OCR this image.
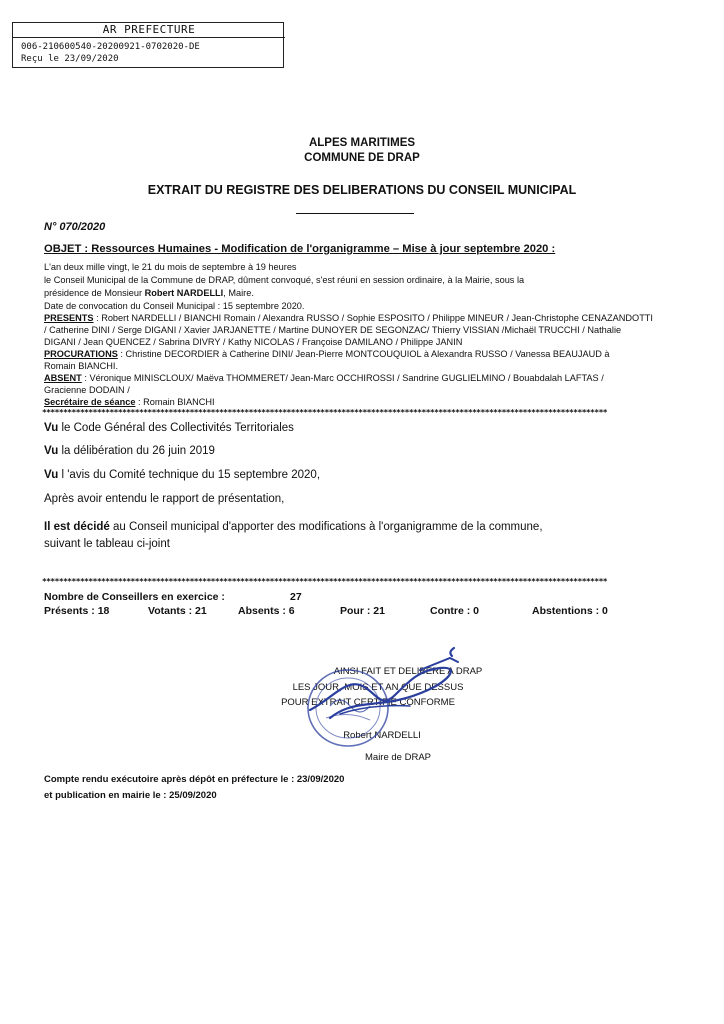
AR PREFECTURE
006-210600540-20200921-0702020-DE
Reçu le 23/09/2020
ALPES MARITIMES
COMMUNE DE DRAP
EXTRAIT DU REGISTRE DES DELIBERATIONS DU CONSEIL MUNICIPAL
N° 070/2020
OBJET : Ressources Humaines - Modification de l'organigramme – Mise à jour septembre 2020 :
L'an deux mille vingt, le 21 du mois de septembre à 19 heures
le Conseil Municipal de la Commune de DRAP, dûment convoqué, s'est réuni en session ordinaire, à la Mairie, sous la
présidence de Monsieur Robert NARDELLI, Maire.
Date de convocation du Conseil Municipal : 15 septembre 2020.
PRESENTS : Robert NARDELLI / BIANCHI Romain / Alexandra RUSSO / Sophie ESPOSITO / Philippe MINEUR / Jean-Christophe CENAZANDOTTI
/ Catherine DINI / Serge DIGANI / Xavier JARJANETTE / Martine DUNOYER DE SEGONZAC/ Thierry VISSIAN /Michaël TRUCCHI / Nathalie
DIGANI / Jean QUENCEZ / Sabrina DIVRY / Kathy NICOLAS / Françoise DAMILANO / Philippe JANIN
PROCURATIONS : Christine DECORDIER à Catherine DINI/ Jean-Pierre MONTCOUQUIOL à Alexandra RUSSO / Vanessa BEAUJAUD à
Romain BIANCHI.
ABSENT : Véronique MINISCLOUX/ Maëva THOMMERET/ Jean-Marc OCCHIROSSI / Sandrine GUGLIELMINO / Bouabdalah LAFTAS /
Gracienne DODAIN /
Secrétaire de séance : Romain BIANCHI
**************************************************************************************************************************************
Vu le Code Général des Collectivités Territoriales
Vu la délibération du 26 juin 2019
Vu l 'avis du Comité technique du 15 septembre 2020,
Après avoir entendu le rapport de présentation,
Il est décidé au Conseil municipal d'apporter des modifications à l'organigramme de la commune,
suivant le tableau ci-joint
**************************************************************************************************************************************
Nombre de Conseillers en exercice :	27
Présents : 18	Votants : 21	Absents : 6	Pour : 21	Contre : 0	Abstentions : 0
AINSI FAIT ET DELIBERE A DRAP
LES JOUR, MOIS ET AN QUE DESSUS
POUR EXTRAIT CERTIFIE CONFORME
Robert NARDELLI
Maire de DRAP
Compte rendu exécutoire après dépôt en préfecture le : 23/09/2020
et publication en mairie le : 25/09/2020
